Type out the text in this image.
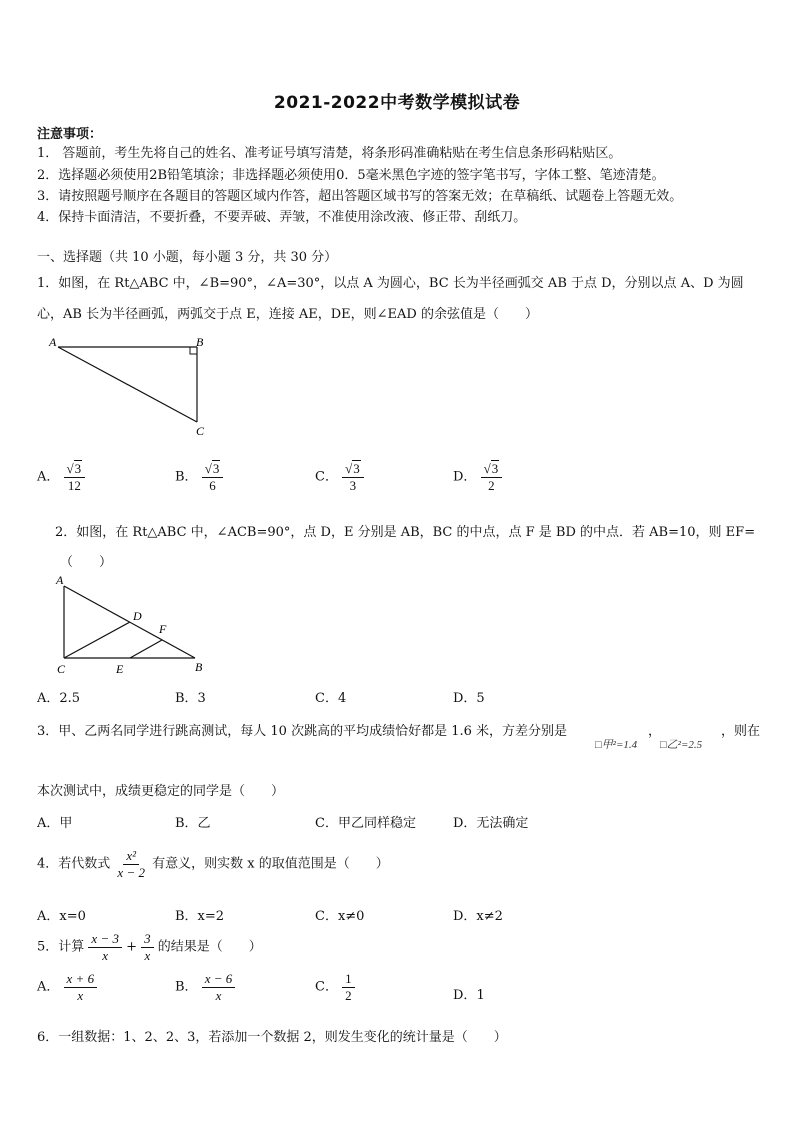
2021-2022中考数学模拟试卷
注意事项：
1． 答题前，考生先将自己的姓名、准考证号填写清楚，将条形码准确粘贴在考生信息条形码粘贴区。
2．选择题必须使用2B铅笔填涂；非选择题必须使用0．5毫米黑色字迹的签字笔书写，字体工整、笔迹清楚。
3．请按照题号顺序在各题目的答题区域内作答，超出答题区域书写的答案无效；在草稿纸、试题卷上答题无效。
4．保持卡面清洁，不要折叠，不要弄破、弄皱，不准使用涂改液、修正带、刮纸刀。
一、选择题（共 10 小题，每小题 3 分，共 30 分）
1．如图，在 Rt△ABC 中，∠B=90°，∠A=30°，以点 A 为圆心，BC 长为半径画弧交 AB 于点 D，分别以点 A、D 为圆
心，AB 长为半径画弧，两弧交于点 E，连接 AE，DE，则∠EAD 的余弦值是（　　）
A	B
C
A． $\frac{√3}{12}$	B． $\frac{√3}{6}$	C． $\frac{√3}{3}$	D． $\frac{√3}{2}$
2．如图，在 Rt△ABC 中，∠ACB=90°，点 D，E 分别是 AB，BC 的中点，点 F 是 BD 的中点．若 AB=10，则 EF=
（　　）
A
D
F
C	E	B
A．2.5	B．3	C．4	D．5
3．甲、乙两名同学进行跳高测试，每人 10 次跳高的平均成绩恰好都是 1.6 米，方差分别是
□甲²=1.4
，
□乙²=2.5
，则在
本次测试中，成绩更稳定的同学是（　　）
A．甲	B．乙	C．甲乙同样稳定	D．无法确定
4．若代数式 $\frac{\text{x²}}{x - 2}$ 有意义，则实数 x 的取值范围是（　　）
A．x=0	B．x=2	C．x≠0	D．x≠2
5．计算 $\frac{x - 3}{x} + \frac{3}{x}$ 的结果是（　　）
A． $\frac{x + 6}{x}$	B． $\frac{x - 6}{x}$	C． $\frac{1}{2}$	D．1
6．一组数据：1、2、2、3，若添加一个数据 2，则发生变化的统计量是（　　）
